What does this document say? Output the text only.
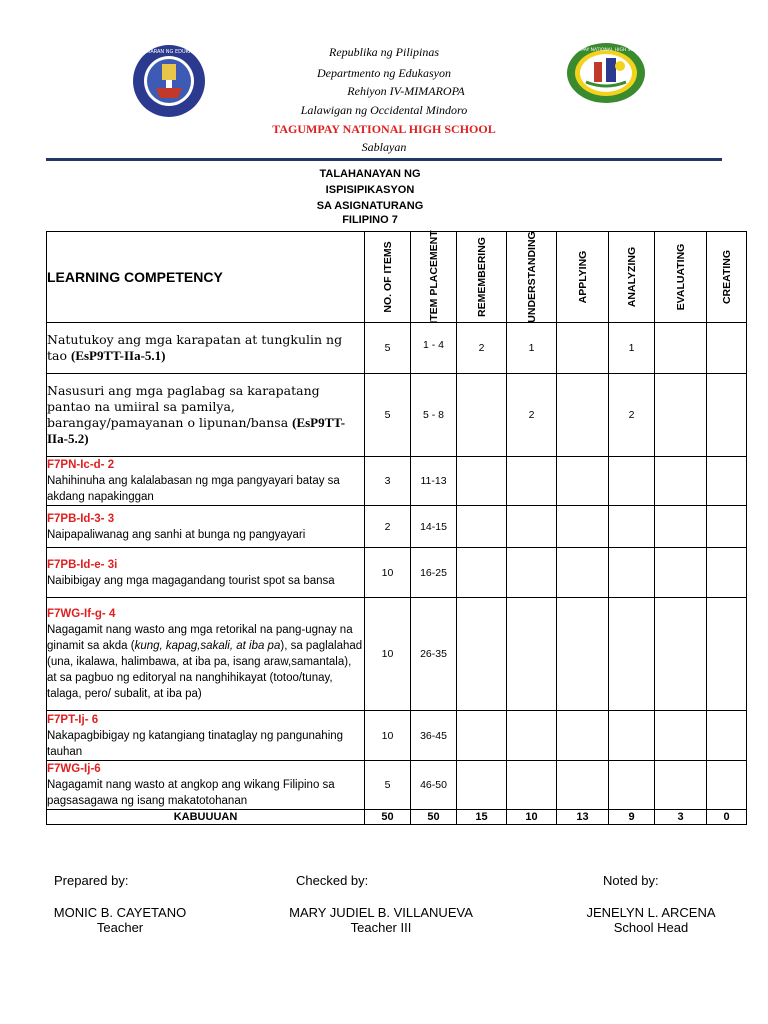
KAGAWARAN NG EDUKASYON	TAGUMPAY NATIONAL HIGH SCHOOL
Republika ng Pilipinas
Departmento ng Edukasyon
Rehiyon IV-MIMAROPA
Lalawigan ng Occidental Mindoro
TAGUMPAY NATIONAL HIGH SCHOOL
Sablayan
TALAHANAYAN NG
ISPISIPIKASYON
SA ASIGNATURANG
FILIPINO 7
LEARNING COMPETENCY	NO. OF ITEMS	ITEM PLACEMENT	REMEMBERING	UNDERSTANDING	APPLYING	ANALYZING	EVALUATING	CREATING

Natutukoy ang mga karapatan at tungkulin ng tao (EsP9TT-IIa-5.1)	5	1 - 4	2	1		1		
Nasusuri ang mga paglabag sa karapatang pantao na umiiral sa pamilya, barangay/pamayanan o lipunan/bansa (EsP9TT-IIa-5.2)	5	5 - 8		2		2		

F7PN-Ic-d- 2
Nahihinuha ang kalalabasan ng mga pangyayari batay sa akdang napakinggan	3	11-13						

F7PB-Id-3- 3
Naipapaliwanag ang sanhi at bunga ng pangyayari	2	14-15						

F7PB-Id-e- 3i
Naibibigay ang mga magagandang tourist spot sa bansa	10	16-25						

F7WG-If-g- 4
Nagagamit nang wasto ang mga retorikal na pang-ugnay na ginamit sa akda (kung, kapag,sakali, at iba pa), sa paglalahad (una, ikalawa, halimbawa, at iba pa, isang araw,samantala), at sa pagbuo ng editoryal na nanghihikayat (totoo/tunay, talaga, pero/ subalit, at iba pa)	10	26-35						

F7PT-Ij- 6
Nakapagbibigay ng katangiang tinataglay ng pangunahing tauhan	10	36-45						

F7WG-Ij-6
Nagagamit nang wasto at angkop ang wikang Filipino sa pagsasagawa ng isang makatotohanan	5	46-50						
KABUUUAN	50	50	15	10	13	9	3	0
Prepared by:	Checked by:	Noted by:
MONIC B. CAYETANO
Teacher
MARY JUDIEL B. VILLANUEVA
Teacher III
JENELYN L. ARCENA
School Head
